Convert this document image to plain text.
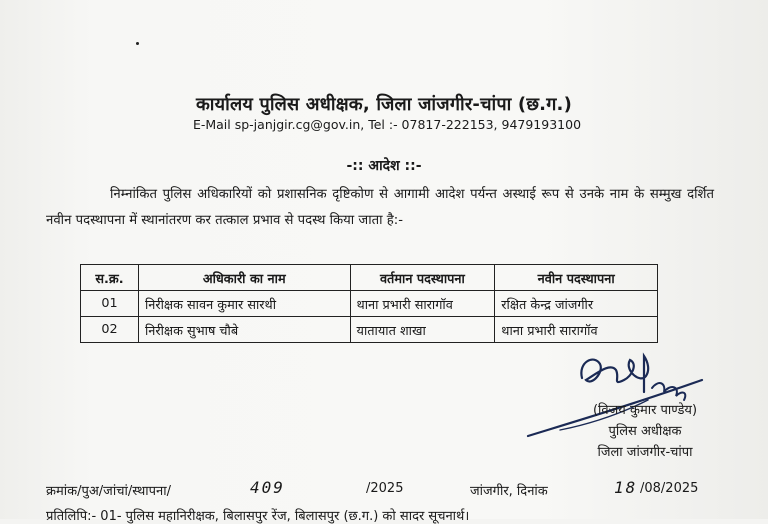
कार्यालय पुलिस अधीक्षक, जिला जांजगीर-चांपा (छ.ग.)
E-Mail sp-janjgir.cg@gov.in, Tel :- 07817-222153, 9479193100
-:: आदेश ::-
निम्नांकित पुलिस अधिकारियों को प्रशासनिक दृष्टिकोण से आगामी आदेश पर्यन्त अस्थाई रूप से उनके नाम के सम्मुख दर्शित नवीन पदस्थापना में स्थानांतरण कर तत्काल प्रभाव से पदस्थ किया जाता है:-
स.क्र.	अधिकारी का नाम	वर्तमान पदस्थापना	नवीन पदस्थापना
01	निरीक्षक सावन कुमार सारथी	थाना प्रभारी सारागॉव	रक्षित केन्द्र जांजगीर
02	निरीक्षक सुभाष चौबे	यातायात शाखा	थाना प्रभारी सारागॉव
(विजय कुमार पाण्डेय)
पुलिस अधीक्षक
जिला जांजगीर-चांपा
क्रमांक/पुअ/जांचां/स्थापना/	409	/2025	जांजगीर, दिनांक	18 /08/2025
प्रतिलिपि:- 01- पुलिस महानिरीक्षक, बिलासपुर रेंज, बिलासपुर (छ.ग.) को सादर सूचनार्थ।
